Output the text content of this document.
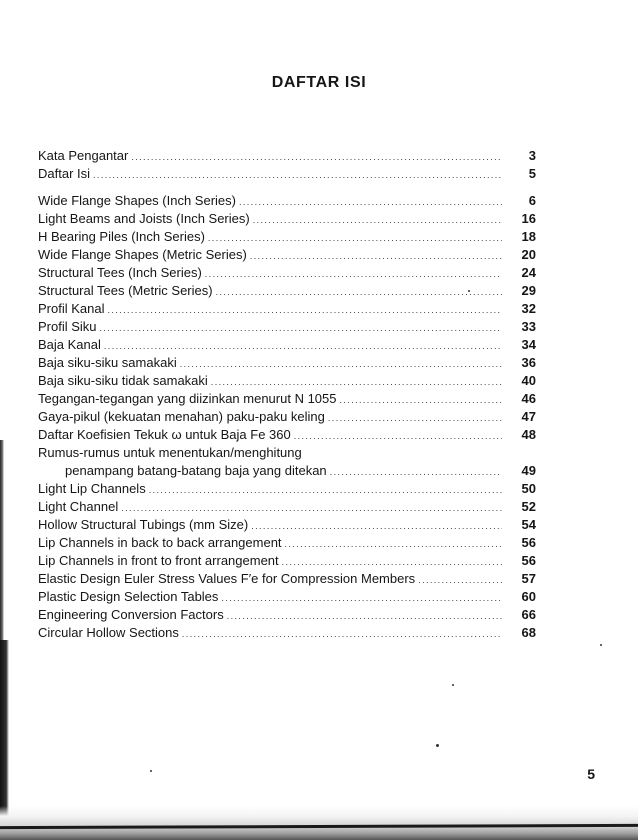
DAFTAR ISI
Kata Pengantar .....	3
Daftar Isi .....	5
Wide Flange Shapes (Inch Series) .....	6
Light Beams and Joists (Inch Series) .....	16
H Bearing Piles (Inch Series) .....	18
Wide Flange Shapes (Metric Series) .....	20
Structural Tees (Inch Series) .....	24
Structural Tees (Metric Series) .....	29
Profil Kanal .....	32
Profil Siku .....	33
Baja Kanal .....	34
Baja siku-siku samakaki .....	36
Baja siku-siku tidak samakaki .....	40
Tegangan-tegangan yang diizinkan menurut N 1055 .....	46
Gaya-pikul (kekuatan menahan) paku-paku keling .....	47
Daftar Koefisien Tekuk ω untuk Baja Fe 360 .....	48
Rumus-rumus untuk menentukan/menghitung
penampang batang-batang baja yang ditekan .....	49
Light Lip Channels .....	50
Light Channel .....	52
Hollow Structural Tubings (mm Size) .....	54
Lip Channels in back to back arrangement .....	56
Lip Channels in front to front arrangement .....	56
Elastic Design Euler Stress Values F′e for Compression Members .....	57
Plastic Design Selection Tables .....	60
Engineering Conversion Factors .....	66
Circular Hollow Sections .....	68
5
